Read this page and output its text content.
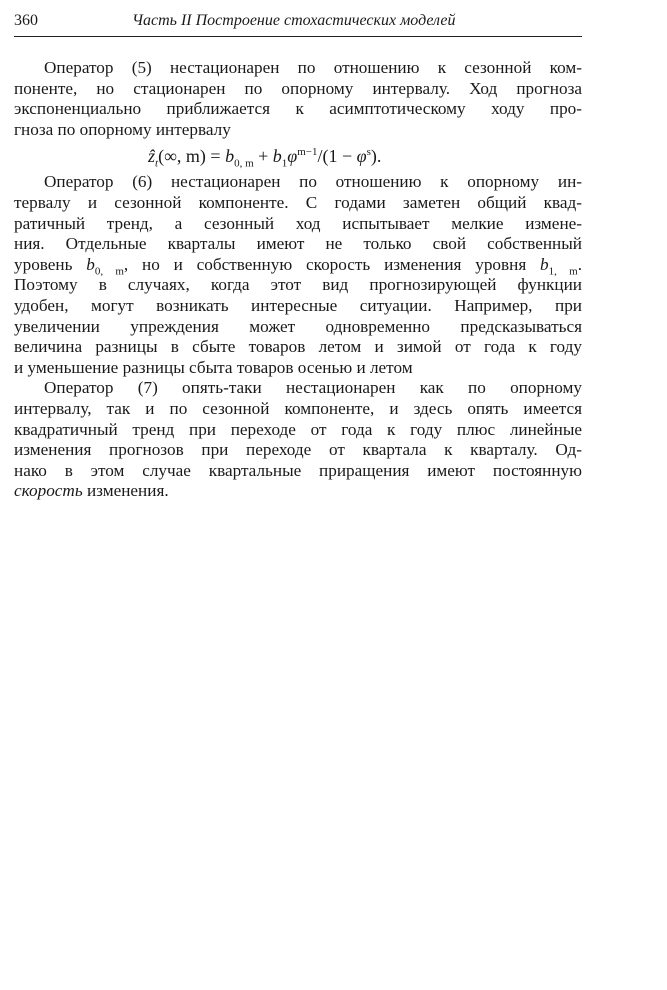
360	Часть II Построение стохастических моделей
Оператор (5) нестационарен по отношению к сезонной ком-
поненте, но стационарен по опорному интервалу. Ход прогноза
экспоненциально приближается к асимптотическому ходу про-
гноза по опорному интервалу
ẑ$_t$(∞, $m) = b_{0, m} + b_1\varphi^{m-1}/(1 - \varphi^s)$.
Оператор (6) нестационарен по отношению к опорному ин-
тервалу и сезонной компоненте. С годами заметен общий квад-
ратичный тренд, а сезонный ход испытывает мелкие измене-
ния. Отдельные кварталы имеют не только свой собственный
уровень $b_{0, m}$, но и собственную скорость изменения уровня $b_{1, m}$.
Поэтому в случаях, когда этот вид прогнозирующей функции
удобен, могут возникать интересные ситуации. Например, при
увеличении упреждения может одновременно предсказываться
величина разницы в сбыте товаров летом и зимой от года к году
и уменьшение разницы сбыта товаров осенью и летом
Оператор (7) опять-таки нестационарен как по опорному
интервалу, так и по сезонной компоненте, и здесь опять имеется
квадратичный тренд при переходе от года к году плюс линейные
изменения прогнозов при переходе от квартала к кварталу. Од-
нако в этом случае квартальные приращения имеют постоянную
скорость изменения.
